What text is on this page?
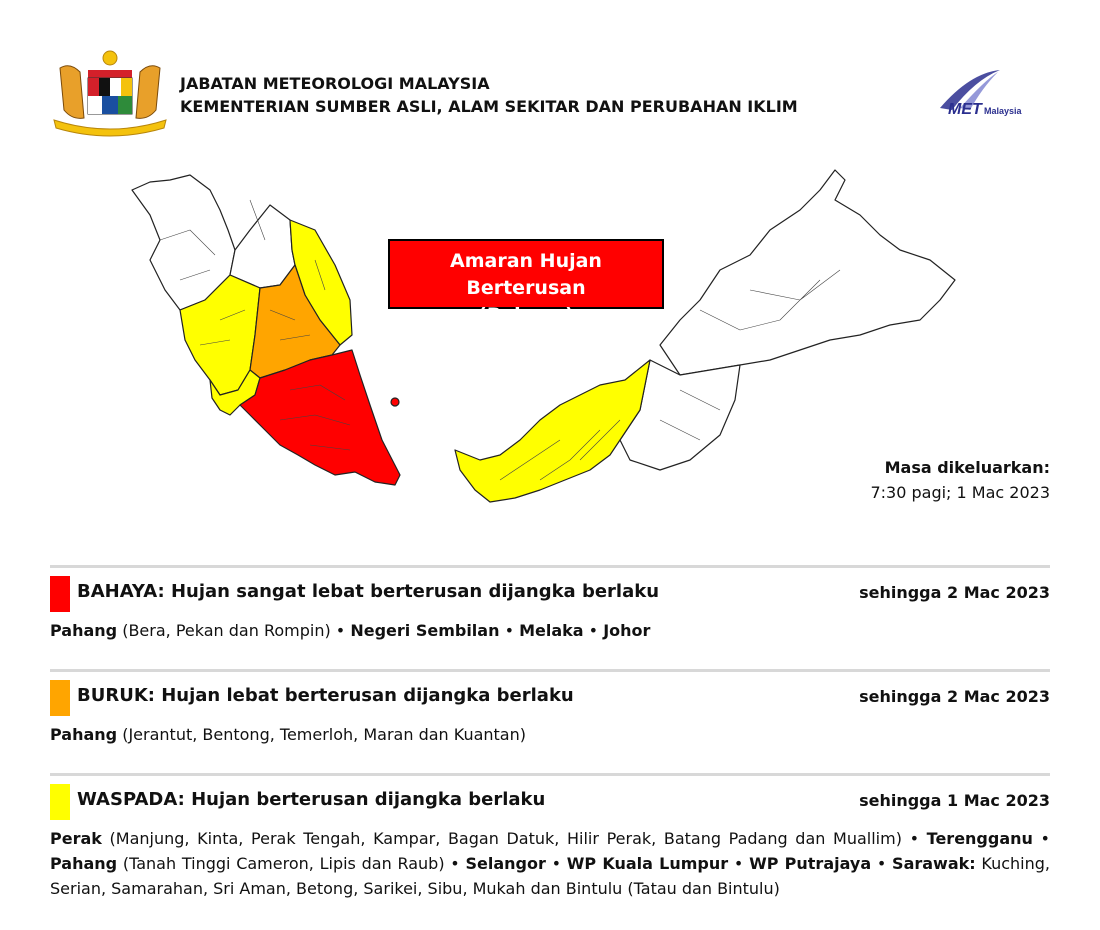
JABATAN METEOROLOGI MALAYSIA
KEMENTERIAN SUMBER ASLI, ALAM SEKITAR DAN PERUBAHAN IKLIM	MET Malaysia
Amaran Hujan Berterusan
(Bahaya)
Masa dikeluarkan:
7:30 pagi; 1 Mac 2023
BAHAYA: Hujan sangat lebat berterusan dijangka berlaku	sehingga 2 Mac 2023
Pahang (Bera, Pekan dan Rompin) • Negeri Sembilan • Melaka • Johor
BURUK: Hujan lebat berterusan dijangka berlaku	sehingga 2 Mac 2023
Pahang (Jerantut, Bentong, Temerloh, Maran dan Kuantan)
WASPADA: Hujan berterusan dijangka berlaku	sehingga 1 Mac 2023
Perak (Manjung, Kinta, Perak Tengah, Kampar, Bagan Datuk, Hilir Perak, Batang Padang dan Muallim) • Terengganu • Pahang (Tanah Tinggi Cameron, Lipis dan Raub) • Selangor • WP Kuala Lumpur • WP Putrajaya • Sarawak: Kuching, Serian, Samarahan, Sri Aman, Betong, Sarikei, Sibu, Mukah dan Bintulu (Tatau dan Bintulu)
